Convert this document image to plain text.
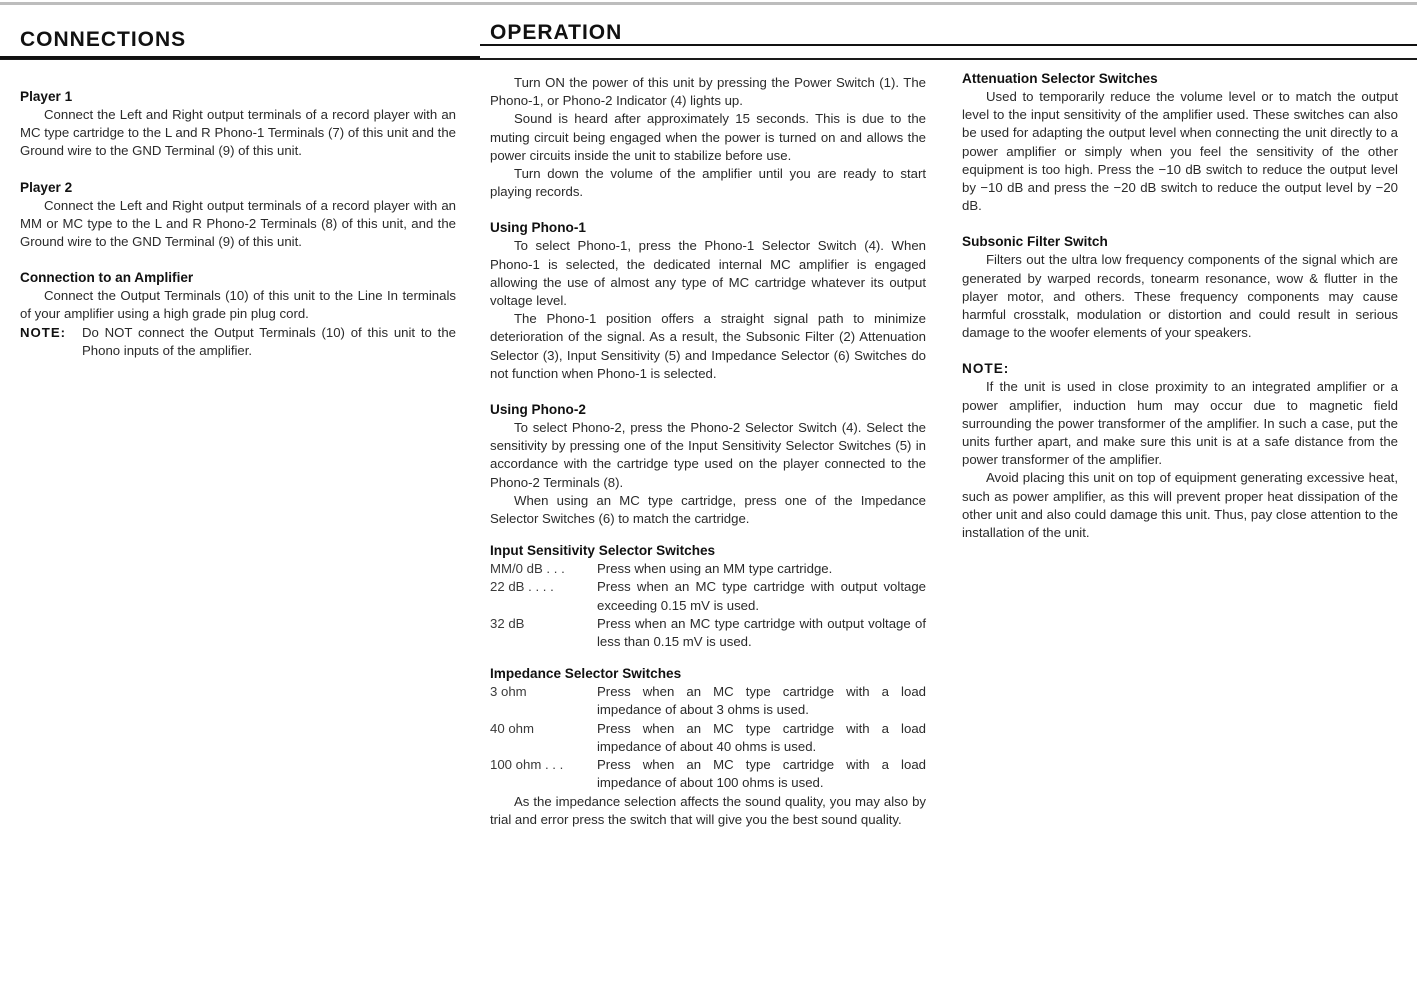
CONNECTIONS	OPERATION
Player 1

Connect the Left and Right output terminals of a record player with an MC type cartridge to the L and R Phono-1 Terminals (7) of this unit and the Ground wire to the GND Terminal (9) of this unit.

Player 2

Connect the Left and Right output terminals of a record player with an MM or MC type to the L and R Phono-2 Terminals (8) of this unit, and the Ground wire to the GND Terminal (9) of this unit.

Connection to an Amplifier

Connect the Output Terminals (10) of this unit to the Line In terminals of your amplifier using a high grade pin plug cord.

NOTE:	Do NOT connect the Output Terminals (10) of this unit to the Phono inputs of the amplifier.

Turn ON the power of this unit by pressing the Power Switch (1). The Phono-1, or Phono-2 Indicator (4) lights up.

Sound is heard after approximately 15 seconds. This is due to the muting circuit being engaged when the power is turned on and allows the power circuits inside the unit to stabilize before use.

Turn down the volume of the amplifier until you are ready to start playing records.

Using Phono-1

To select Phono-1, press the Phono-1 Selector Switch (4). When Phono-1 is selected, the dedicated internal MC amplifier is engaged allowing the use of almost any type of MC cartridge whatever its output voltage level.

The Phono-1 position offers a straight signal path to minimize deterioration of the signal. As a result, the Subsonic Filter (2) Attenuation Selector (3), Input Sensitivity (5) and Impedance Selector (6) Switches do not function when Phono-1 is selected.

Using Phono-2

To select Phono-2, press the Phono-2 Selector Switch (4). Select the sensitivity by pressing one of the Input Sensitivity Selector Switches (5) in accordance with the cartridge type used on the player connected to the Phono-2 Terminals (8).

When using an MC type cartridge, press one of the Impedance Selector Switches (6) to match the cartridge.

Input Sensitivity Selector Switches
MM/0 dB . . .	Press when using an MM type cartridge.
22 dB . . . .	Press when an MC type cartridge with output voltage exceeding 0.15 mV is used.
32 dB	Press when an MC type cartridge with output voltage of less than 0.15 mV is used.
Impedance Selector Switches
3 ohm	Press when an MC type cartridge with a load impedance of about 3 ohms is used.
40 ohm	Press when an MC type cartridge with a load impedance of about 40 ohms is used.
100 ohm . . .	Press when an MC type cartridge with a load impedance of about 100 ohms is used.

As the impedance selection affects the sound quality, you may also by trial and error press the switch that will give you the best sound quality.

Attenuation Selector Switches

Used to temporarily reduce the volume level or to match the output level to the input sensitivity of the amplifier used. These switches can also be used for adapting the output level when connecting the unit directly to a power amplifier or simply when you feel the sensitivity of the other equipment is too high. Press the −10 dB switch to reduce the output level by −10 dB and press the −20 dB switch to reduce the output level by −20 dB.

Subsonic Filter Switch

Filters out the ultra low frequency components of the signal which are generated by warped records, tonearm resonance, wow & flutter in the player motor, and others. These frequency components may cause harmful crosstalk, modulation or distortion and could result in serious damage to the woofer elements of your speakers.

NOTE:

If the unit is used in close proximity to an integrated amplifier or a power amplifier, induction hum may occur due to magnetic field surrounding the power transformer of the amplifier. In such a case, put the units further apart, and make sure this unit is at a safe distance from the power transformer of the amplifier.

Avoid placing this unit on top of equipment generating excessive heat, such as power amplifier, as this will prevent proper heat dissipation of the other unit and also could damage this unit. Thus, pay close attention to the installation of the unit.
